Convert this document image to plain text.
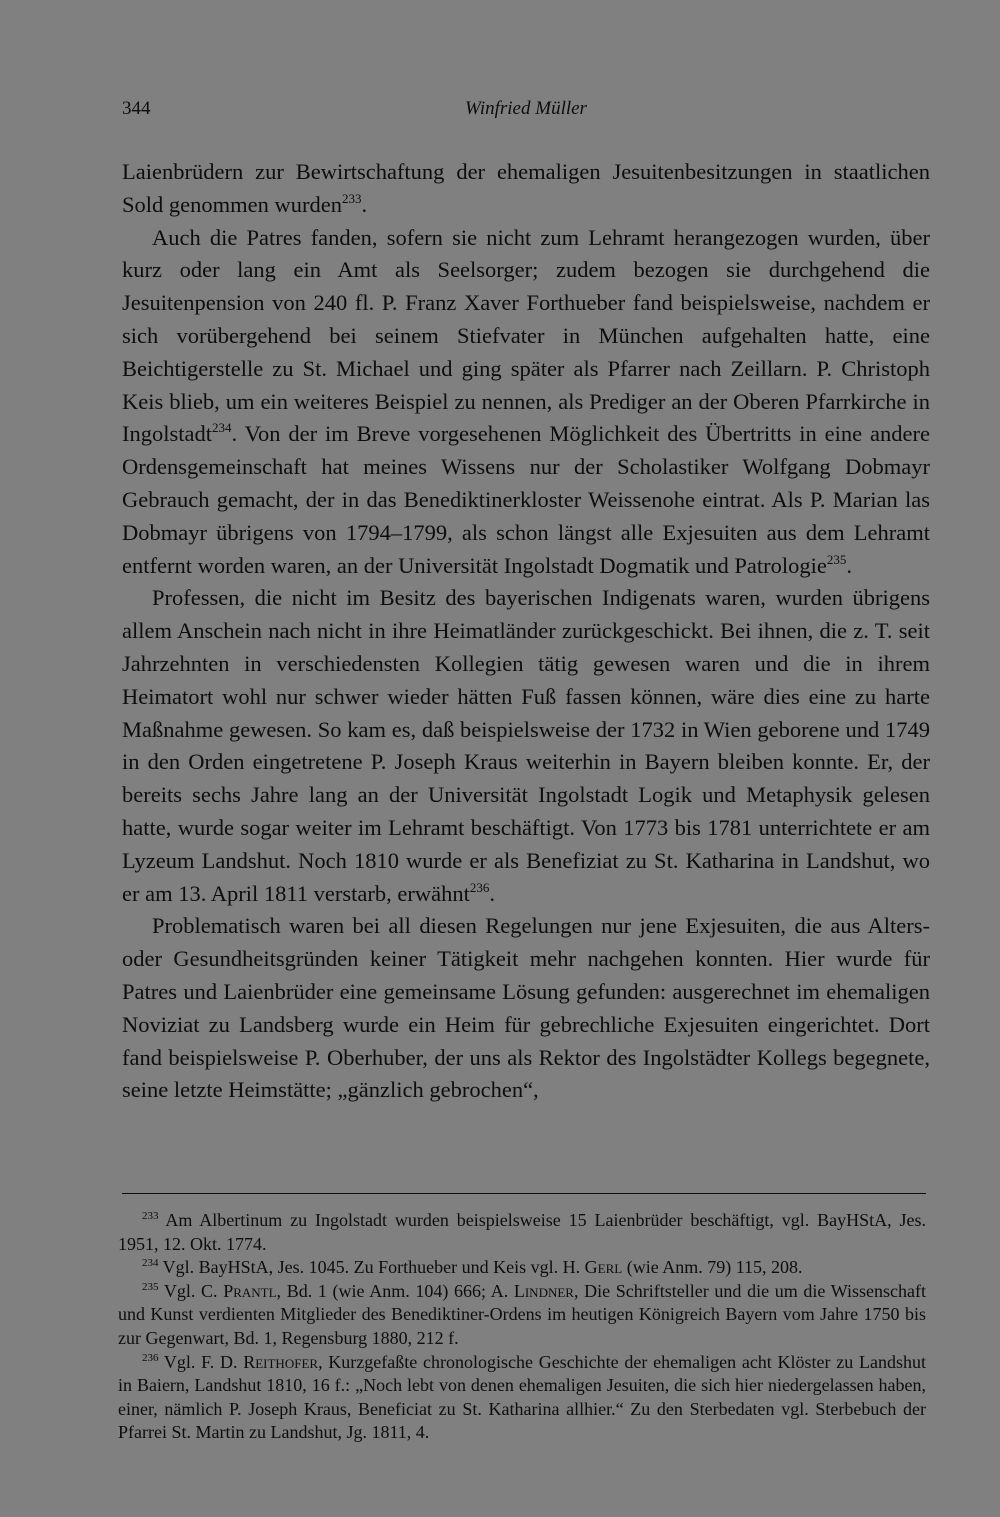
344	Winfried Müller

Laienbrüdern zur Bewirtschaftung der ehemaligen Jesuitenbesitzungen in staatlichen Sold genommen wurden$^{233}$.

Auch die Patres fanden, sofern sie nicht zum Lehramt herangezogen wurden, über kurz oder lang ein Amt als Seelsorger; zudem bezogen sie durchgehend die Jesuitenpension von 240 fl. P. Franz Xaver Forthueber fand beispielsweise, nachdem er sich vorübergehend bei seinem Stiefvater in München aufgehalten hatte, eine Beichtigerstelle zu St. Michael und ging später als Pfarrer nach Zeillarn. P. Christoph Keis blieb, um ein weiteres Beispiel zu nennen, als Prediger an der Oberen Pfarrkirche in Ingolstadt$^{234}$. Von der im Breve vorgesehenen Möglichkeit des Übertritts in eine andere Ordensgemeinschaft hat meines Wissens nur der Scholastiker Wolfgang Dobmayr Gebrauch gemacht, der in das Benediktinerkloster Weissenohe eintrat. Als P. Marian las Dobmayr übrigens von 1794–1799, als schon längst alle Exjesuiten aus dem Lehramt entfernt worden waren, an der Universität Ingolstadt Dogmatik und Patrologie$^{235}$.

Professen, die nicht im Besitz des bayerischen Indigenats waren, wurden übrigens allem Anschein nach nicht in ihre Heimatländer zurückgeschickt. Bei ihnen, die z. T. seit Jahrzehnten in verschiedensten Kollegien tätig gewesen waren und die in ihrem Heimatort wohl nur schwer wieder hätten Fuß fassen können, wäre dies eine zu harte Maßnahme gewesen. So kam es, daß beispielsweise der 1732 in Wien geborene und 1749 in den Orden eingetretene P. Joseph Kraus weiterhin in Bayern bleiben konnte. Er, der bereits sechs Jahre lang an der Universität Ingolstadt Logik und Metaphysik gelesen hatte, wurde sogar weiter im Lehramt beschäftigt. Von 1773 bis 1781 unterrichtete er am Lyzeum Landshut. Noch 1810 wurde er als Benefiziat zu St. Katharina in Landshut, wo er am 13. April 1811 verstarb, erwähnt$^{236}$.

Problematisch waren bei all diesen Regelungen nur jene Exjesuiten, die aus Alters- oder Gesundheitsgründen keiner Tätigkeit mehr nachgehen konnten. Hier wurde für Patres und Laienbrüder eine gemeinsame Lösung gefunden: ausgerechnet im ehemaligen Noviziat zu Landsberg wurde ein Heim für gebrechliche Exjesuiten eingerichtet. Dort fand beispielsweise P. Oberhuber, der uns als Rektor des Ingolstädter Kollegs begegnete, seine letzte Heimstätte; „gänzlich gebrochen“,

$^{233}$ Am Albertinum zu Ingolstadt wurden beispielsweise 15 Laienbrüder beschäftigt, vgl. BayHStA, Jes. 1951, 12. Okt. 1774.

$^{234}$ Vgl. BayHStA, Jes. 1045. Zu Forthueber und Keis vgl. H. Gerl (wie Anm. 79) 115, 208.

$^{235}$ Vgl. C. Prantl, Bd. 1 (wie Anm. 104) 666; A. Lindner, Die Schriftsteller und die um die Wissenschaft und Kunst verdienten Mitglieder des Benediktiner-Ordens im heutigen Königreich Bayern vom Jahre 1750 bis zur Gegenwart, Bd. 1, Regensburg 1880, 212 f.

$^{236}$ Vgl. F. D. Reithofer, Kurzgefaßte chronologische Geschichte der ehemaligen acht Klöster zu Landshut in Baiern, Landshut 1810, 16 f.: „Noch lebt von denen ehemaligen Jesuiten, die sich hier niedergelassen haben, einer, nämlich P. Joseph Kraus, Beneficiat zu St. Katharina allhier.“ Zu den Sterbedaten vgl. Sterbebuch der Pfarrei St. Martin zu Landshut, Jg. 1811, 4.
